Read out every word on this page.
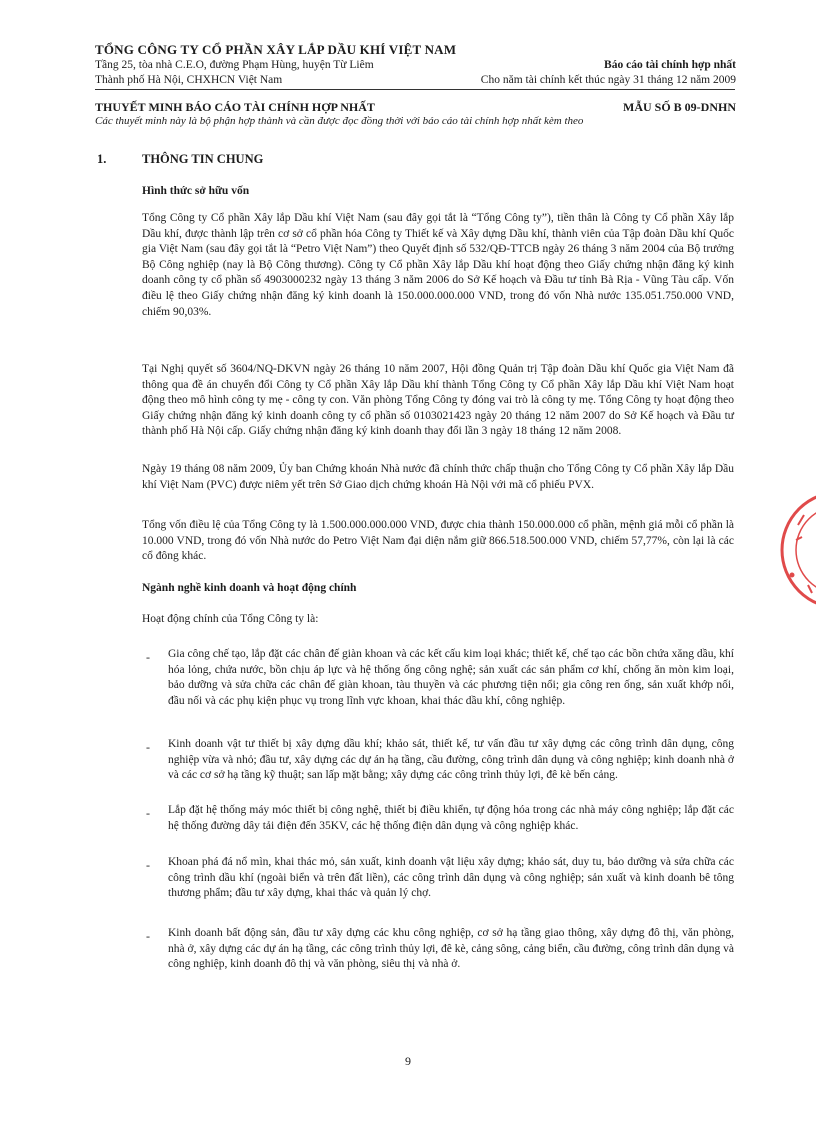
TỔNG CÔNG TY CỔ PHẦN XÂY LẮP DẦU KHÍ VIỆT NAM
Tầng 25, tòa nhà C.E.O, đường Phạm Hùng, huyện Từ Liêm
Thành phố Hà Nội, CHXHCN Việt Nam
Báo cáo tài chính hợp nhất
Cho năm tài chính kết thúc ngày 31 tháng 12 năm 2009
THUYẾT MINH BÁO CÁO TÀI CHÍNH HỢP NHẤT	MẪU SỐ B 09-DNHN
Các thuyết minh này là bộ phận hợp thành và cần được đọc đồng thời với báo cáo tài chính hợp nhất kèm theo
1.	THÔNG TIN CHUNG
Hình thức sở hữu vốn
Tổng Công ty Cổ phần Xây lắp Dầu khí Việt Nam (sau đây gọi tắt là “Tổng Công ty”), tiền thân là Công ty Cổ phần Xây lắp Dầu khí, được thành lập trên cơ sở cổ phần hóa Công ty Thiết kế và Xây dựng Dầu khí, thành viên của Tập đoàn Dầu khí Quốc gia Việt Nam (sau đây gọi tắt là “Petro Việt Nam”) theo Quyết định số 532/QĐ-TTCB ngày 26 tháng 3 năm 2004 của Bộ trưởng Bộ Công nghiệp (nay là Bộ Công thương). Công ty Cổ phần Xây lắp Dầu khí hoạt động theo Giấy chứng nhận đăng ký kinh doanh công ty cổ phần số 4903000232 ngày 13 tháng 3 năm 2006 do Sở Kế hoạch và Đầu tư tỉnh Bà Rịa - Vũng Tàu cấp. Vốn điều lệ theo Giấy chứng nhận đăng ký kinh doanh là 150.000.000.000 VND, trong đó vốn Nhà nước 135.051.750.000 VND, chiếm 90,03%.
Tại Nghị quyết số 3604/NQ-DKVN ngày 26 tháng 10 năm 2007, Hội đồng Quản trị Tập đoàn Dầu khí Quốc gia Việt Nam đã thông qua đề án chuyển đổi Công ty Cổ phần Xây lắp Dầu khí thành Tổng Công ty Cổ phần Xây lắp Dầu khí Việt Nam hoạt động theo mô hình công ty mẹ - công ty con. Văn phòng Tổng Công ty đóng vai trò là công ty mẹ. Tổng Công ty hoạt động theo Giấy chứng nhận đăng ký kinh doanh công ty cổ phần số 0103021423 ngày 20 tháng 12 năm 2007 do Sở Kế hoạch và Đầu tư thành phố Hà Nội cấp. Giấy chứng nhận đăng ký kinh doanh thay đổi lần 3 ngày 18 tháng 12 năm 2008.
Ngày 19 tháng 08 năm 2009, Ủy ban Chứng khoán Nhà nước đã chính thức chấp thuận cho Tổng Công ty Cổ phần Xây lắp Dầu khí Việt Nam (PVC) được niêm yết trên Sở Giao dịch chứng khoán Hà Nội với mã cổ phiếu PVX.
Tổng vốn điều lệ của Tổng Công ty là 1.500.000.000.000 VND, được chia thành 150.000.000 cổ phần, mệnh giá mỗi cổ phần là 10.000 VND, trong đó vốn Nhà nước do Petro Việt Nam đại diện nắm giữ 866.518.500.000 VND, chiếm 57,77%, còn lại là các cổ đông khác.
Ngành nghề kinh doanh và hoạt động chính
Hoạt động chính của Tổng Công ty là:
- Gia công chế tạo, lắp đặt các chân đế giàn khoan và các kết cấu kim loại khác; thiết kế, chế tạo các bồn chứa xăng dầu, khí hóa lỏng, chứa nước, bồn chịu áp lực và hệ thống ống công nghệ; sản xuất các sản phẩm cơ khí, chống ăn mòn kim loại, bảo dưỡng và sửa chữa các chân đế giàn khoan, tàu thuyền và các phương tiện nổi; gia công ren ống, sản xuất khớp nối, đầu nối và các phụ kiện phục vụ trong lĩnh vực khoan, khai thác dầu khí, công nghiệp.
- Kinh doanh vật tư thiết bị xây dựng dầu khí; khảo sát, thiết kế, tư vấn đầu tư xây dựng các công trình dân dụng, công nghiệp vừa và nhỏ; đầu tư, xây dựng các dự án hạ tầng, cầu đường, công trình dân dụng và công nghiệp; kinh doanh nhà ở và các cơ sở hạ tầng kỹ thuật; san lấp mặt bằng; xây dựng các công trình thủy lợi, đê kè bến cảng.
- Lắp đặt hệ thống máy móc thiết bị công nghệ, thiết bị điều khiển, tự động hóa trong các nhà máy công nghiệp; lắp đặt các hệ thống đường dây tải điện đến 35KV, các hệ thống điện dân dụng và công nghiệp khác.
- Khoan phá đá nổ mìn, khai thác mỏ, sản xuất, kinh doanh vật liệu xây dựng; khảo sát, duy tu, bảo dưỡng và sửa chữa các công trình dầu khí (ngoài biển và trên đất liền), các công trình dân dụng và công nghiệp; sản xuất và kinh doanh bê tông thương phẩm; đầu tư xây dựng, khai thác và quản lý chợ.
- Kinh doanh bất động sản, đầu tư xây dựng các khu công nghiệp, cơ sở hạ tầng giao thông, xây dựng đô thị, văn phòng, nhà ở, xây dựng các dự án hạ tầng, các công trình thủy lợi, đê kè, cảng sông, cảng biển, cầu đường, công trình dân dụng và công nghiệp, kinh doanh đô thị và văn phòng, siêu thị và nhà ở.
9
